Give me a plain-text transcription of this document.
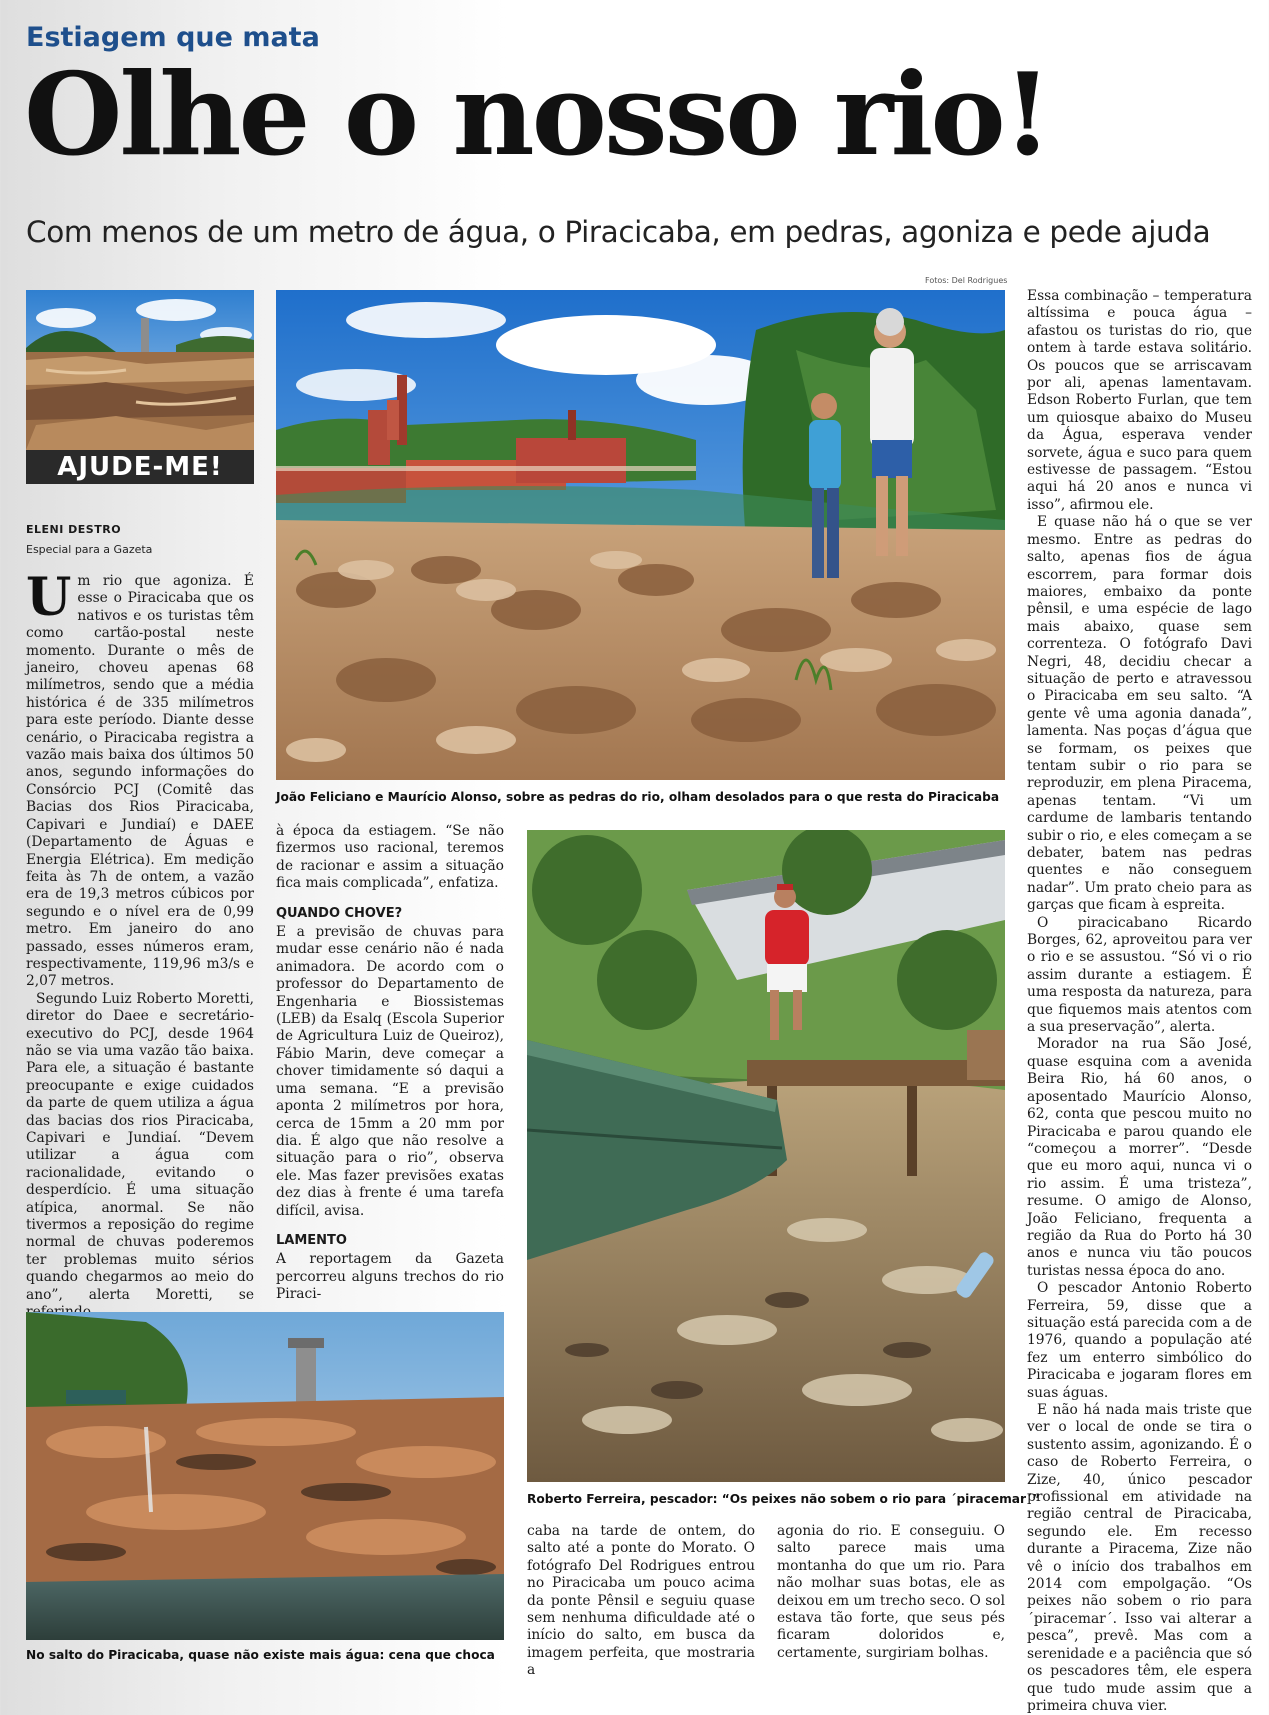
Estiagem que mata
Olhe o nosso rio!
Com menos de um metro de água, o Piracicaba, em pedras, agoniza e pede ajuda
Fotos: Del Rodrigues
AJUDE-ME!
ELENI DESTRO
Especial para a Gazeta
U m rio que agoniza. É esse o Piracicaba que os nativos e os turistas têm como cartão-postal neste momento. Durante o mês de janeiro, choveu apenas 68 milímetros, sendo que a média histórica é de 335 milímetros para este período. Diante desse cenário, o Piracicaba registra a vazão mais baixa dos últimos 50 anos, segundo informações do Consórcio PCJ (Comitê das Bacias dos Rios Piracicaba, Capivari e Jundiaí) e DAEE (Departamento de Águas e Energia Elétrica). Em medição feita às 7h de ontem, a vazão era de 19,3 metros cúbicos por segundo e o nível era de 0,99 metro. Em janeiro do ano passado, esses números eram, respectivamente, 119,96 m3/s e 2,07 metros.

Segundo Luiz Roberto Moretti, diretor do Daee e secretário-executivo do PCJ, desde 1964 não se via uma vazão tão baixa. Para ele, a situação é bastante preocupante e exige cuidados da parte de quem utiliza a água das bacias dos rios Piracicaba, Capivari e Jundiaí. “Devem utilizar a água com racionalidade, evitando o desperdício. É uma situação atípica, anormal. Se não tivermos a reposição do regime normal de chuvas poderemos ter problemas muito sérios quando chegarmos ao meio do ano”, alerta Moretti, se

João Feliciano e Maurício Alonso, sobre as pedras do rio, olham desolados para o que resta do Piracicaba

à época da estiagem. “Se não fizermos uso racional, teremos de racionar e assim a situação fica mais complicada”, enfatiza.

QUANDO CHOVE?

E a previsão de chuvas para mudar esse cenário não é nada animadora. De acordo com o professor do Departamento de Engenharia e Biossistemas (LEB) da Esalq (Escola Superior de Agricultura Luiz de Queiroz), Fábio Marin, deve começar a chover timidamente só daqui a uma semana. “E a previsão aponta 2 milímetros por hora, cerca de 15mm a 20 mm por dia. É algo que não resolve a situação para o rio”, observa ele. Mas fazer previsões exatas dez dias à frente é uma tarefa difícil, avisa.

LAMENTO

A reportagem da Gazeta percorreu alguns trechos do rio Piraci-

Roberto Ferreira, pescador: “Os peixes não sobem o rio para ´piracemar´”
No salto do Piracicaba, quase não existe mais água: cena que choca

caba na tarde de ontem, do salto até a ponte do Morato. O fotógrafo Del Rodrigues entrou no Piracicaba um pouco acima da ponte Pênsil e seguiu quase sem nenhuma dificuldade até o início do salto, em busca da imagem perfeita, que mostraria a

agonia do rio. E conseguiu. O salto parece mais uma montanha do que um rio. Para não molhar suas botas, ele as deixou em um trecho seco. O sol estava tão forte, que seus pés ficaram doloridos e, certamente, surgiriam bolhas.

Essa combinação – temperatura altíssima e pouca água – afastou os turistas do rio, que ontem à tarde estava solitário. Os poucos que se arriscavam por ali, apenas lamentavam. Edson Roberto Furlan, que tem um quiosque abaixo do Museu da Água, esperava vender sorvete, água e suco para quem estivesse de passagem. “Estou aqui há 20 anos e nunca vi isso”, afirmou ele.

E quase não há o que se ver mesmo. Entre as pedras do salto, apenas fios de água escorrem, para formar dois maiores, embaixo da ponte pênsil, e uma espécie de lago mais abaixo, quase sem correnteza. O fotógrafo Davi Negri, 48, decidiu checar a situação de perto e atravessou o Piracicaba em seu salto. “A gente vê uma agonia danada”, lamenta. Nas poças d’água que se formam, os peixes que tentam subir o rio para se reproduzir, em plena Piracema, apenas tentam. “Vi um cardume de lambaris tentando subir o rio, e eles começam a se debater, batem nas pedras quentes e não conseguem nadar”. Um prato cheio para as garças que ficam à espreita.

O piracicabano Ricardo Borges, 62, aproveitou para ver o rio e se assustou. “Só vi o rio assim durante a estiagem. É uma resposta da natureza, para que fiquemos mais atentos com a sua preservação”, alerta.

Morador na rua São José, quase esquina com a avenida Beira Rio, há 60 anos, o aposentado Maurício Alonso, 62, conta que pescou muito no Piracicaba e parou quando ele “começou a morrer”. “Desde que eu moro aqui, nunca vi o rio assim. É uma tristeza”, resume. O amigo de Alonso, João Feliciano, frequenta a região da Rua do Porto há 30 anos e nunca viu tão poucos turistas nessa época do ano.

O pescador Antonio Roberto Ferreira, 59, disse que a situação está parecida com a de 1976, quando a população até fez um enterro simbólico do Piracicaba e jogaram flores em suas águas.

E não há nada mais triste que ver o local de onde se tira o sustento assim, agonizando. É o caso de Roberto Ferreira, o Zize, 40, único pescador profissional em atividade na região central de Piracicaba, segundo ele. Em recesso durante a Piracema, Zize não vê o início dos trabalhos em 2014 com empolgação. “Os peixes não sobem o rio para ´piracemar´. Isso vai alterar a pesca”, prevê. Mas com a serenidade e a paciência que só os pescadores têm, ele espera que tudo mude assim que a primeira chuva vier.
